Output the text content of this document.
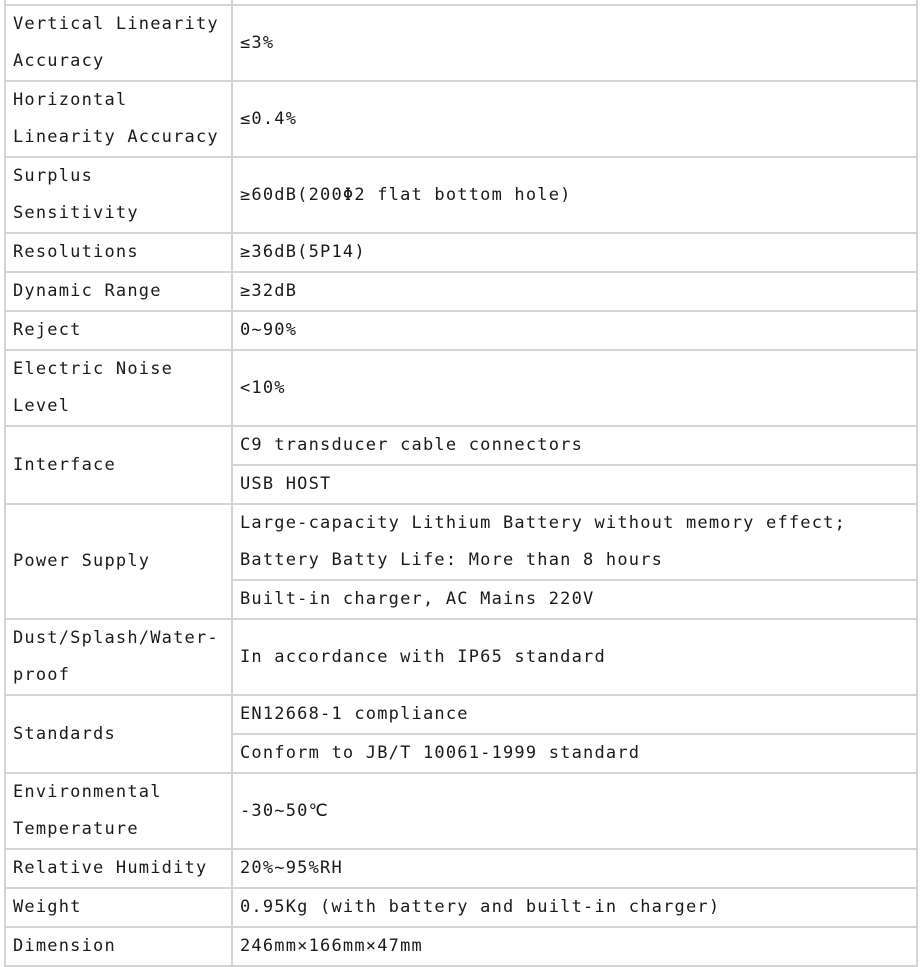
Vertical Linearity Accuracy	≤3%

Horizontal Linearity Accuracy	≤0.4%

Surplus Sensitivity	≥60dB(200Φ2 flat bottom hole)

Resolutions	≥36dB(5P14)

Dynamic Range	≥32dB

Reject	0~90%

Electric Noise Level	<10%

Interface	C9 transducer cable connectors

	USB HOST

Power Supply	Large-capacity Lithium Battery without memory effect;
Battery Batty Life: More than 8 hours

	Built-in charger, AC Mains 220V

Dust/Splash/Water-proof	In accordance with IP65 standard

Standards	EN12668-1 compliance

	Conform to JB/T 10061-1999 standard

Environmental Temperature	-30~50℃

Relative Humidity	20%~95%RH

Weight	0.95Kg (with battery and built-in charger)

Dimension	246mm×166mm×47mm
